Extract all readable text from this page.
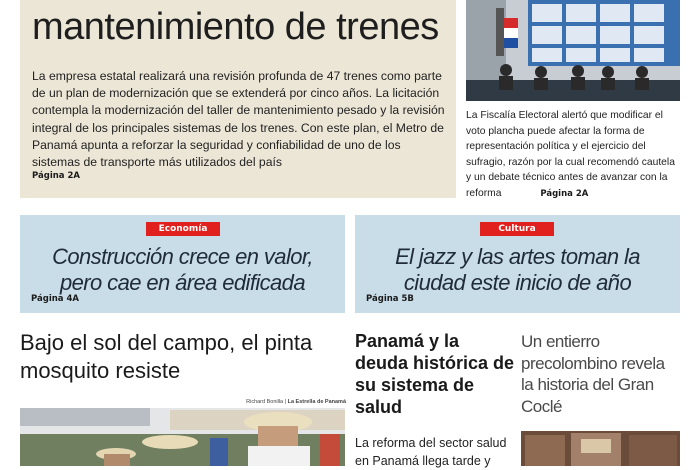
mantenimiento de trenes
La empresa estatal realizará una revisión profunda de 47 trenes como parte de un plan de modernización que se extenderá por cinco años. La licitación contempla la modernización del taller de mantenimiento pesado y la revisión integral de los principales sistemas de los trenes. Con este plan, el Metro de Panamá apunta a reforzar la seguridad y confiabilidad de uno de los sistemas de transporte más utilizados del país
Página 2A
La Fiscalía Electoral alertó que modificar el voto plancha puede afectar la forma de representación política y el ejercicio del sufragio, razón por la cual recomendó cautela y un debate técnico antes de avanzar con la reforma	Página 2A
Economía
Construcción crece en valor,
pero cae en área edificada
Página 4A
Cultura
El jazz y las artes toman la
ciudad este inicio de año
Página 5B
Bajo el sol del campo, el pinta mosquito resiste
Richard Bonilla | La Estrella de Panamá
Panamá y la deuda histórica de su sistema de salud
La reforma del sector salud en Panamá llega tarde y
Un entierro precolombino revela la historia del Gran Coclé
